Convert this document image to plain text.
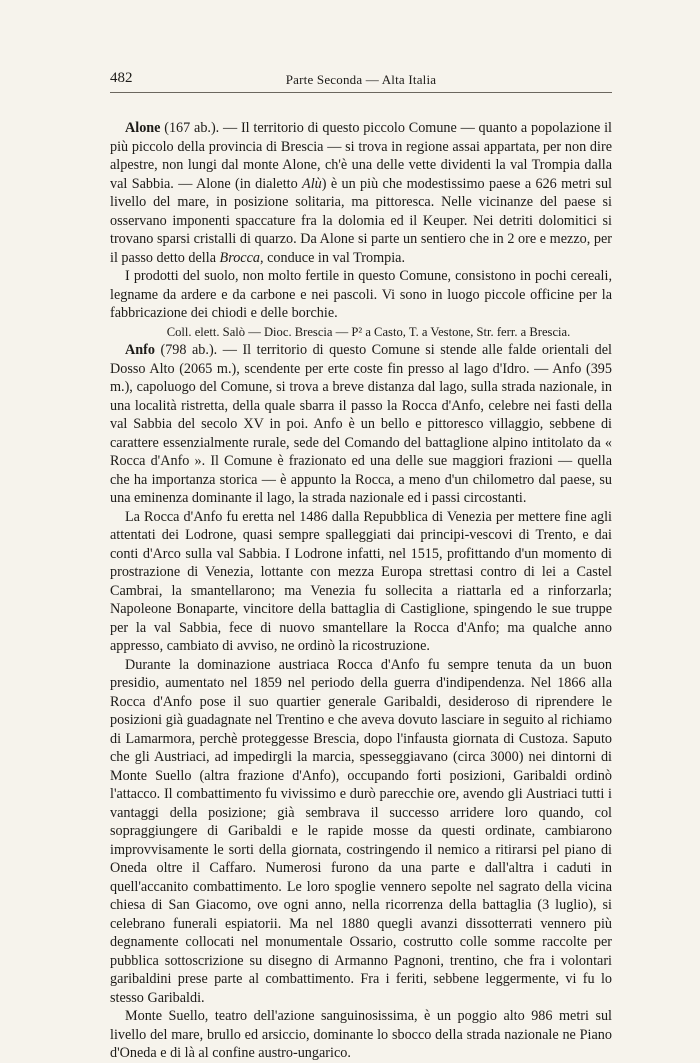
482	Parte Seconda — Alta Italia

Alone (167 ab.). — Il territorio di questo piccolo Comune — quanto a popolazione il più piccolo della provincia di Brescia — si trova in regione assai appartata, per non dire alpestre, non lungi dal monte Alone, ch'è una delle vette dividenti la val Trompia dalla val Sabbia. — Alone (in dialetto Alù) è un più che modestissimo paese a 626 metri sul livello del mare, in posizione solitaria, ma pittoresca. Nelle vicinanze del paese si osservano imponenti spaccature fra la dolomia ed il Keuper. Nei detriti dolomitici si trovano sparsi cristalli di quarzo. Da Alone si parte un sentiero che in 2 ore e mezzo, per il passo detto della Brocca, conduce in val Trompia.

I prodotti del suolo, non molto fertile in questo Comune, consistono in pochi cereali, legname da ardere e da carbone e nei pascoli. Vi sono in luogo piccole officine per la fabbricazione dei chiodi e delle borchie.

Coll. elett. Salò — Dioc. Brescia — P² a Casto, T. a Vestone, Str. ferr. a Brescia.

Anfo (798 ab.). — Il territorio di questo Comune si stende alle falde orientali del Dosso Alto (2065 m.), scendente per erte coste fin presso al lago d'Idro. — Anfo (395 m.), capoluogo del Comune, si trova a breve distanza dal lago, sulla strada nazionale, in una località ristretta, della quale sbarra il passo la Rocca d'Anfo, celebre nei fasti della val Sabbia del secolo XV in poi. Anfo è un bello e pittoresco villaggio, sebbene di carattere essenzialmente rurale, sede del Comando del battaglione alpino intitolato da « Rocca d'Anfo ». Il Comune è frazionato ed una delle sue maggiori frazioni — quella che ha importanza storica — è appunto la Rocca, a meno d'un chilometro dal paese, su una eminenza dominante il lago, la strada nazionale ed i passi circostanti.

La Rocca d'Anfo fu eretta nel 1486 dalla Repubblica di Venezia per mettere fine agli attentati dei Lodrone, quasi sempre spalleggiati dai principi-vescovi di Trento, e dai conti d'Arco sulla val Sabbia. I Lodrone infatti, nel 1515, profittando d'un momento di prostrazione di Venezia, lottante con mezza Europa strettasi contro di lei a Castel Cambrai, la smantellarono; ma Venezia fu sollecita a riattarla ed a rinforzarla; Napoleone Bonaparte, vincitore della battaglia di Castiglione, spingendo le sue truppe per la val Sabbia, fece di nuovo smantellare la Rocca d'Anfo; ma qualche anno appresso, cambiato di avviso, ne ordinò la ricostruzione.

Durante la dominazione austriaca Rocca d'Anfo fu sempre tenuta da un buon presidio, aumentato nel 1859 nel periodo della guerra d'indipendenza. Nel 1866 alla Rocca d'Anfo pose il suo quartier generale Garibaldi, desideroso di riprendere le posizioni già guadagnate nel Trentino e che aveva dovuto lasciare in seguito al richiamo di Lamarmora, perchè proteggesse Brescia, dopo l'infausta giornata di Custoza. Saputo che gli Austriaci, ad impedirgli la marcia, spesseggiavano (circa 3000) nei dintorni di Monte Suello (altra frazione d'Anfo), occupando forti posizioni, Garibaldi ordinò l'attacco. Il combattimento fu vivissimo e durò parecchie ore, avendo gli Austriaci tutti i vantaggi della posizione; già sembrava il successo arridere loro quando, col sopraggiungere di Garibaldi e le rapide mosse da questi ordinate, cambiarono improvvisamente le sorti della giornata, costringendo il nemico a ritirarsi pel piano di Oneda oltre il Caffaro. Numerosi furono da una parte e dall'altra i caduti in quell'accanito combattimento. Le loro spoglie vennero sepolte nel sagrato della vicina chiesa di San Giacomo, ove ogni anno, nella ricorrenza della battaglia (3 luglio), si celebrano funerali espiatorii. Ma nel 1880 quegli avanzi dissotterrati vennero più degnamente collocati nel monumentale Ossario, costrutto colle somme raccolte per pubblica sottoscrizione su disegno di Armanno Pagnoni, trentino, che fra i volontari garibaldini prese parte al combattimento. Fra i feriti, sebbene leggermente, vi fu lo stesso Garibaldi.

Monte Suello, teatro dell'azione sanguinosissima, è un poggio alto 986 metri sul livello del mare, brullo ed arsiccio, dominante lo sbocco della strada nazionale ne Piano d'Oneda e di là al confine austro-ungarico.
